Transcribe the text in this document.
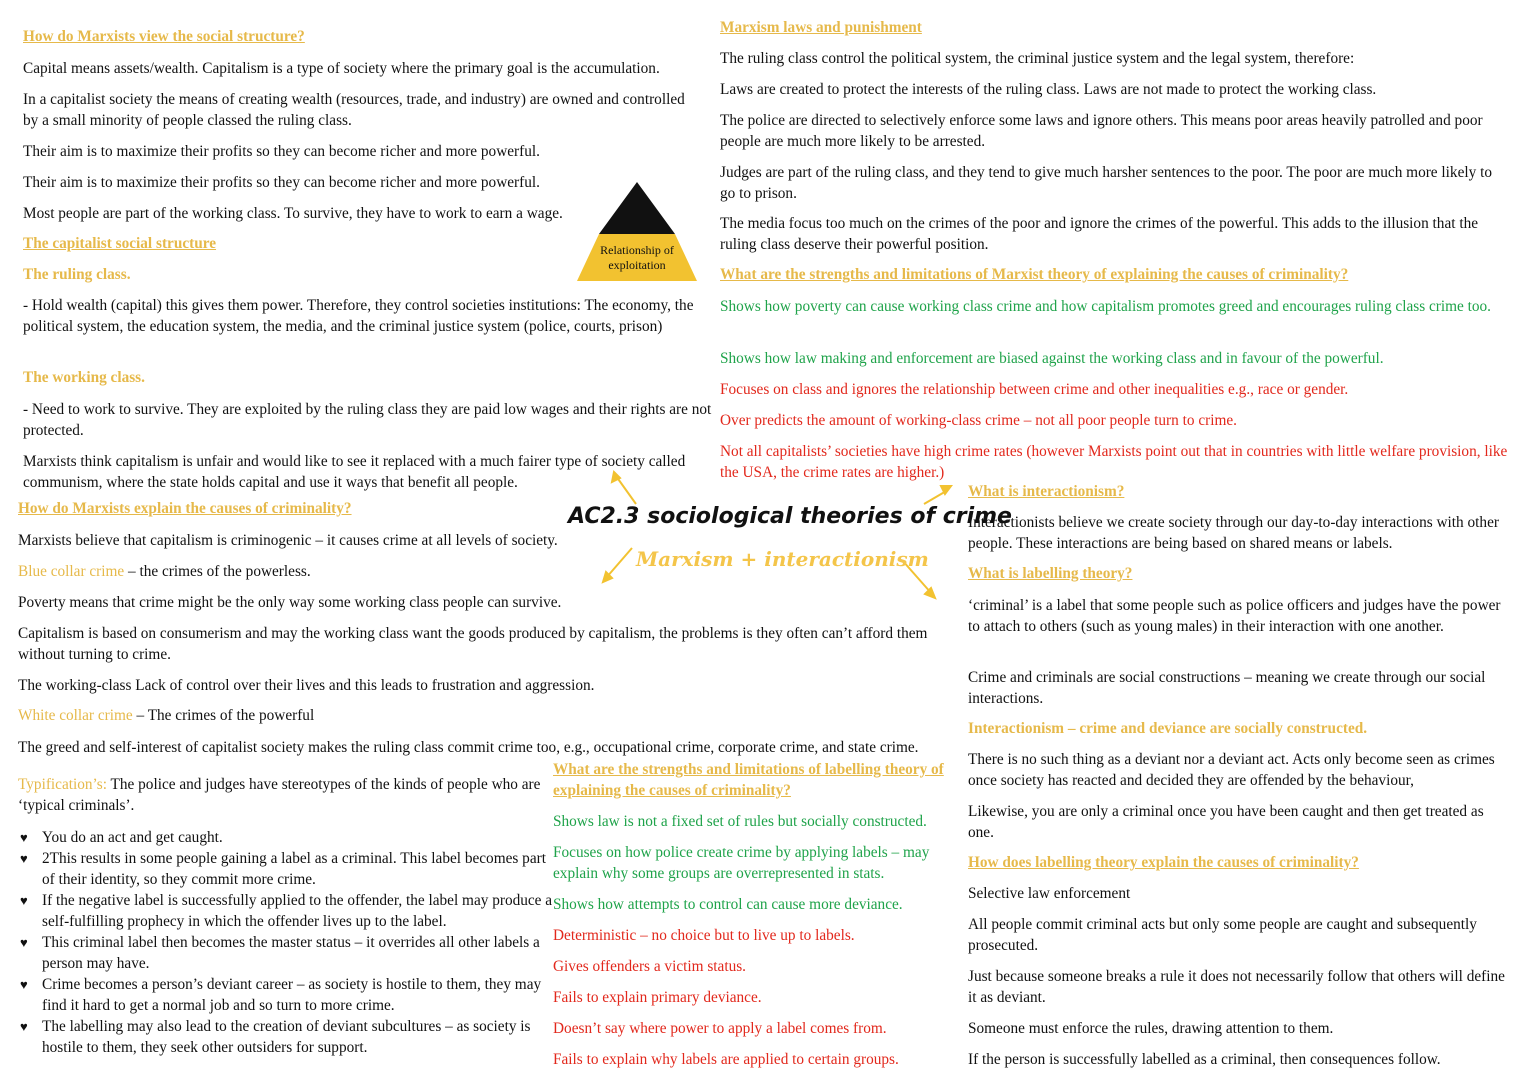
How do Marxists view the social structure?
Capital means assets/wealth. Capitalism is a type of society where the primary goal is the accumulation.
In a capitalist society the means of creating wealth (resources, trade, and industry) are owned and controlled by a small minority of people classed the ruling class.
Their aim is to maximize their profits so they can become richer and more powerful.
Their aim is to maximize their profits so they can become richer and more powerful.
Most people are part of the working class. To survive, they have to work to earn a wage.
The capitalist social structure
The ruling class.
- Hold wealth (capital) this gives them power. Therefore, they control societies institutions: The economy, the political system, the education system, the media, and the criminal justice system (police, courts, prison)
The working class.
- Need to work to survive. They are exploited by the ruling class they are paid low wages and their rights are not protected.
Marxists think capitalism is unfair and would like to see it replaced with a much fairer type of society called communism, where the state holds capital and use it ways that benefit all people.
Relationship of exploitation
How do Marxists explain the causes of criminality?
Marxists believe that capitalism is criminogenic – it causes crime at all levels of society.
Blue collar crime – the crimes of the powerless.
Poverty means that crime might be the only way some working class people can survive.
Capitalism is based on consumerism and may the working class want the goods produced by capitalism, the problems is they often can’t afford them without turning to crime.
The working-class Lack of control over their lives and this leads to frustration and aggression.
White collar crime – The crimes of the powerful
The greed and self-interest of capitalist society makes the ruling class commit crime too, e.g., occupational crime, corporate crime, and state crime.
Typification’s: The police and judges have stereotypes of the kinds of people who are ‘typical criminals’.
♥ You do an act and get caught.
♥ 2This results in some people gaining a label as a criminal. This label becomes part of their identity, so they commit more crime.
♥ If the negative label is successfully applied to the offender, the label may produce a self-fulfilling prophecy in which the offender lives up to the label.
♥ This criminal label then becomes the master status – it overrides all other labels a person may have.
♥ Crime becomes a person’s deviant career – as society is hostile to them, they may find it hard to get a normal job and so turn to more crime.
♥ The labelling may also lead to the creation of deviant subcultures – as society is hostile to them, they seek other outsiders for support.
AC2.3 sociological theories of crime
Marxism + interactionism
What are the strengths and limitations of labelling theory of explaining the causes of criminality?
Shows law is not a fixed set of rules but socially constructed.
Focuses on how police create crime by applying labels – may explain why some groups are overrepresented in stats.
Shows how attempts to control can cause more deviance.
Deterministic – no choice but to live up to labels.
Gives offenders a victim status.
Fails to explain primary deviance.
Doesn’t say where power to apply a label comes from.
Fails to explain why labels are applied to certain groups.
Marxism laws and punishment
The ruling class control the political system, the criminal justice system and the legal system, therefore:
Laws are created to protect the interests of the ruling class. Laws are not made to protect the working class.
The police are directed to selectively enforce some laws and ignore others. This means poor areas heavily patrolled and poor people are much more likely to be arrested.
Judges are part of the ruling class, and they tend to give much harsher sentences to the poor. The poor are much more likely to go to prison.
The media focus too much on the crimes of the poor and ignore the crimes of the powerful. This adds to the illusion that the ruling class deserve their powerful position.
What are the strengths and limitations of Marxist theory of explaining the causes of criminality?
Shows how poverty can cause working class crime and how capitalism promotes greed and encourages ruling class crime too.
Shows how law making and enforcement are biased against the working class and in favour of the powerful.
Focuses on class and ignores the relationship between crime and other inequalities e.g., race or gender.
Over predicts the amount of working-class crime – not all poor people turn to crime.
Not all capitalists’ societies have high crime rates (however Marxists point out that in countries with little welfare provision, like the USA, the crime rates are higher.)
What is interactionism?
Interactionists believe we create society through our day-to-day interactions with other people. These interactions are being based on shared means or labels.
What is labelling theory?
‘criminal’ is a label that some people such as police officers and judges have the power to attach to others (such as young males) in their interaction with one another.
Crime and criminals are social constructions – meaning we create through our social interactions.
Interactionism – crime and deviance are socially constructed.
There is no such thing as a deviant nor a deviant act. Acts only become seen as crimes once society has reacted and decided they are offended by the behaviour,
Likewise, you are only a criminal once you have been caught and then get treated as one.
How does labelling theory explain the causes of criminality?
Selective law enforcement
All people commit criminal acts but only some people are caught and subsequently prosecuted.
Just because someone breaks a rule it does not necessarily follow that others will define it as deviant.
Someone must enforce the rules, drawing attention to them.
If the person is successfully labelled as a criminal, then consequences follow.
